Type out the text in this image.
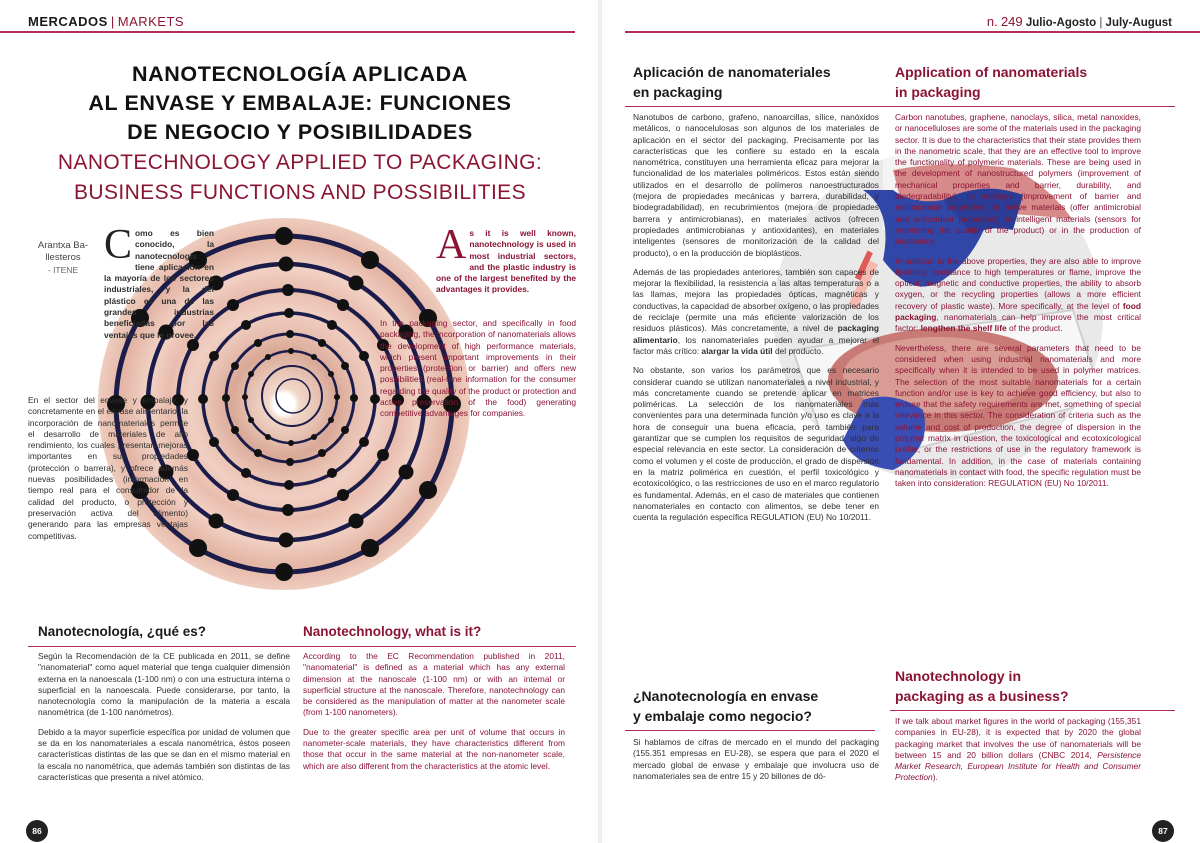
MERCADOS | MARKETS
NANOTECNOLOGÍA APLICADA
AL ENVASE Y EMBALAJE: FUNCIONES
DE NEGOCIO Y POSIBILIDADES
NANOTECHNOLOGY APPLIED TO PACKAGING:
BUSINESS FUNCTIONS AND POSSIBILITIES
Arantxa Ba-
llesteros
- ITENE
Como es bien conocido, la nanotecnología tiene aplicación en la mayoría de los sectores industriales, y la del plástico es una de las grandes industrias beneficiadas por las ventajas que le provee.
En el sector del envase y embalaje, y concretamente en el envase alimentario, la incorporación de nanomateriales permite el desarrollo de materiales de alto rendimiento, los cuales presentan mejoras importantes en sus propiedades (protección o barrera), y ofrece además nuevas posibilidades (información en tiempo real para el consumidor de la calidad del producto, o protección y preservación activa del alimento) generando para las empresas ventajas competitivas.
As it is well known, nanotechnology is used in most industrial sectors, and the plastic industry is one of the largest benefited by the advantages it provides.
In the packaging sector, and specifically in food packaging, the incorporation of nanomaterials allows the development of high performance materials, which present important improvements in their properties (protection or barrier) and offers new possibilities (real-time information for the consumer regarding the quality of the product or protection and active preservation of the food) generating competitive advantages for companies.
Nanotecnología, ¿qué es?	Nanotechnology, what is it?

Según la Recomendación de la CE publicada en 2011, se define "nanomaterial" como aquel material que tenga cualquier dimensión externa en la nanoescala (1-100 nm) o con una estructura interna o superficial en la nanoescala. Puede considerarse, por tanto, la nanotecnología como la manipulación de la materia a escala nanométrica (de 1-100 nanómetros).

Debido a la mayor superficie específica por unidad de volumen que se da en los nanomateriales a escala nanométrica, éstos poseen características distintas de las que se dan en el mismo material en la escala no nanométrica, que además también son distintas de las características que presenta a nivel atómico.

According to the EC Recommendation published in 2011, "nanomaterial" is defined as a material which has any external dimension at the nanoscale (1-100 nm) or with an internal or superficial structure at the nanoscale. Therefore, nanotechnology can be considered as the manipulation of matter at the nanometer scale (from 1-100 nanometers).

Due to the greater specific area per unit of volume that occurs in nanometer-scale materials, they have characteristics different from those that occur in the same material at the non-nanometer scale, which are also different from the characteristics at the atomic level.

86
n. 249 Julio-Agosto | July-August
Aplicación de nanomateriales
en packaging
Application of nanomaterials
in packaging

Nanotubos de carbono, grafeno, nanoarcillas, sílice, nanóxidos metálicos, o nanocelulosas son algunos de los materiales de aplicación en el sector del packaging. Precisamente por las características que les confiere su estado en la escala nanométrica, constituyen una herramienta eficaz para mejorar la funcionalidad de los materiales poliméricos. Estos están siendo utilizados en el desarrollo de polímeros nanoestructurados (mejora de propiedades mecánicas y barrera, durabilidad, y biodegradabilidad), en recubrimientos (mejora de propiedades barrera y antimicrobianas), en materiales activos (ofrecen propiedades antimicrobianas y antioxidantes), en materiales inteligentes (sensores de monitorización de la calidad del producto), o en la producción de bioplásticos.

Además de las propiedades anteriores, también son capaces de mejorar la flexibilidad, la resistencia a las altas temperaturas o a las llamas, mejora las propiedades ópticas, magnéticas y conductivas, la capacidad de absorber oxígeno, o las propiedades de reciclaje (permite una más eficiente valorización de los residuos plásticos). Más concretamente, a nivel de packaging alimentario, los nanomateriales pueden ayudar a mejorar el factor más crítico: alargar la vida útil del producto.

No obstante, son varios los parámetros que es necesario considerar cuando se utilizan nanomateriales a nivel industrial, y más concretamente cuando se pretende aplicar en matrices poliméricas. La selección de los nanomateriales más convenientes para una determinada función y/o uso es clave a la hora de conseguir una buena eficacia, pero también para garantizar que se cumplen los requisitos de seguridad, algo de especial relevancia en este sector. La consideración de criterios como el volumen y el coste de producción, el grado de dispersión en la matriz polimérica en cuestión, el perfil toxicológico y ecotoxicológico, o las restricciones de uso en el marco regulatorio es fundamental. Además, en el caso de materiales que contienen nanomateriales en contacto con alimentos, se debe tener en cuenta la regulación específica REGULATION (EU) No 10/2011.

Carbon nanotubes, graphene, nanoclays, silica, metal nanoxides, or nanocelluloses are some of the materials used in the packaging sector. It is due to the characteristics that their state provides them in the nanometric scale, that they are an effective tool to improve the functionality of polymeric materials. These are being used in the development of nanostructured polymers (improvement of mechanical properties and barrier, durability, and biodegradability), in coatings (improvement of barrier and antimicrobial properties), in active materials (offer antimicrobial and antioxidant properties), in intelligent materials (sensors for monitoring the quality of the product) or in the production of bioplastics.

In addition to the above properties, they are also able to improve flexibility, resistance to high temperatures or flame, improve the optical, magnetic and conductive properties, the ability to absorb oxygen, or the recycling properties (allows a more efficient recovery of plastic waste). More specifically, at the level of food packaging, nanomaterials can help improve the most critical factor: lengthen the shelf life of the product.

Nevertheless, there are several parameters that need to be considered when using industrial nanomaterials and more specifically when it is intended to be used in polymer matrices. The selection of the most suitable nanomaterials for a certain function and/or use is key to achieve good efficiency, but also to ensure that the safety requirements are met, something of special relevance in this sector. The consideration of criteria such as the volume and cost of production, the degree of dispersion in the polymer matrix in question, the toxicological and ecotoxicological profile, or the restrictions of use in the regulatory framework is fundamental. In addition, in the case of materials containing nanomaterials in contact with food, the specific regulation must be taken into consideration: REGULATION (EU) No 10/2011.

¿Nanotecnología en envase
y embalaje como negocio?
Nanotechnology in
packaging as a business?
Si hablamos de cifras de mercado en el mundo del packaging (155.351 empresas en EU-28), se espera que para el 2020 el mercado global de envase y embalaje que involucra uso de nanomateriales sea de entre 15 y 20 billones de dó-
If we talk about market figures in the world of packaging (155,351 companies in EU-28), it is expected that by 2020 the global packaging market that involves the use of nanomaterials will be between 15 and 20 billion dollars (CNBC 2014, Persistence Market Research, European Institute for Health and Consumer Protection).
87
